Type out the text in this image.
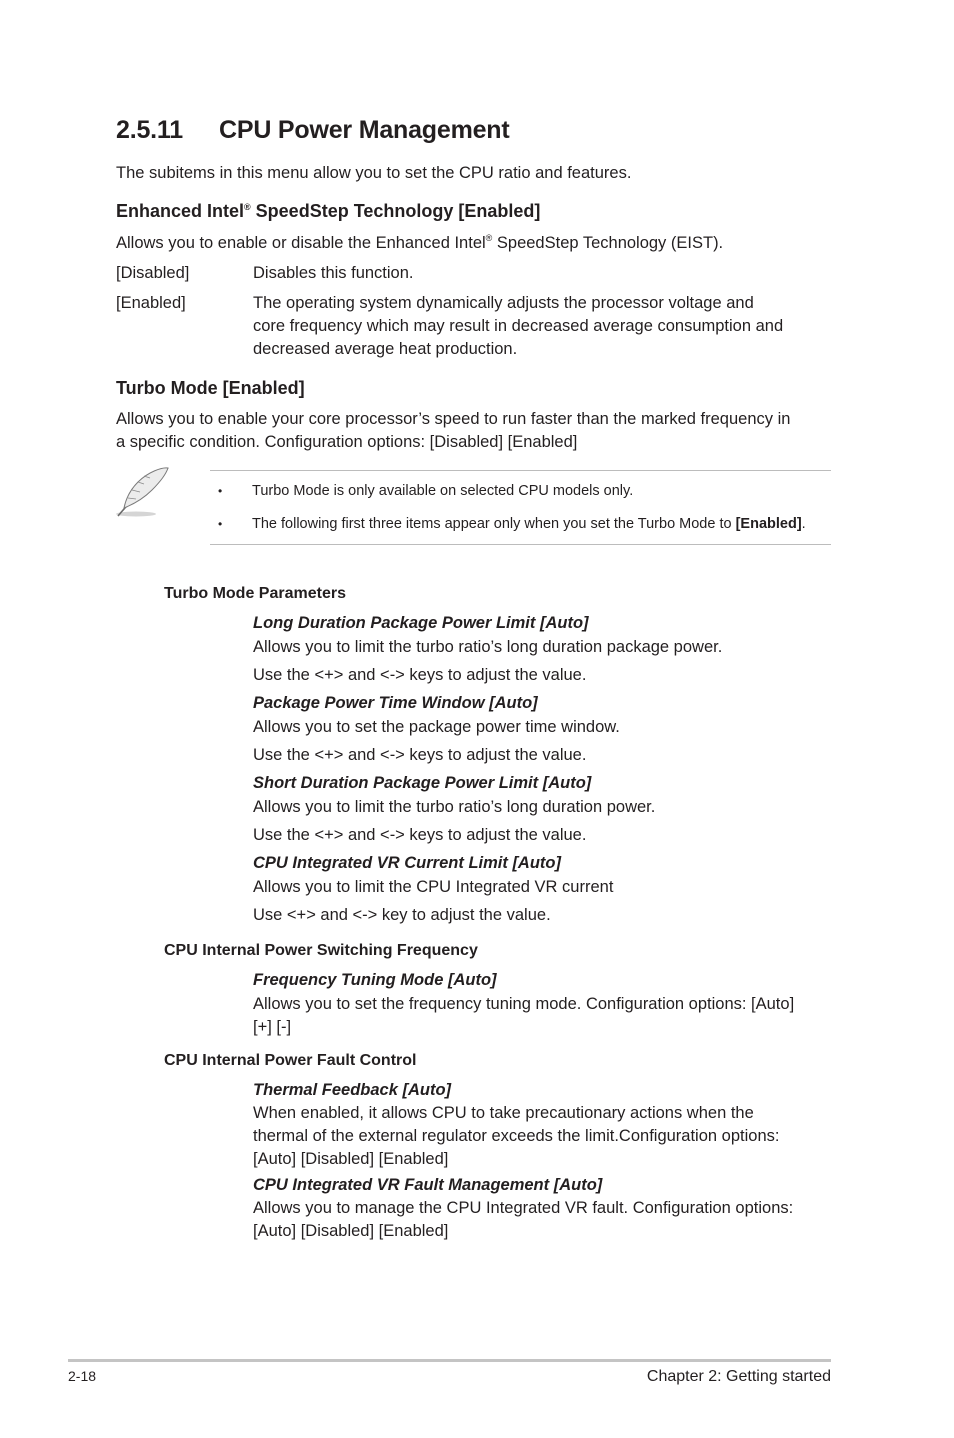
2.5.11 CPU Power Management
The subitems in this menu allow you to set the CPU ratio and features.
Enhanced Intel® SpeedStep Technology [Enabled]
Allows you to enable or disable the Enhanced Intel® SpeedStep Technology (EIST).
[Disabled]	Disables this function.
[Enabled]	The operating system dynamically adjusts the processor voltage and
core frequency which may result in decreased average consumption and
decreased average heat production.
Turbo Mode [Enabled]
Allows you to enable your core processor’s speed to run faster than the marked frequency in
a specific condition. Configuration options: [Disabled] [Enabled]
• Turbo Mode is only available on selected CPU models only.
• The following first three items appear only when you set the Turbo Mode to [Enabled].
Turbo Mode Parameters
Long Duration Package Power Limit [Auto]
Allows you to limit the turbo ratio’s long duration package power.
Use the <+> and <-> keys to adjust the value.
Package Power Time Window [Auto]
Allows you to set the package power time window.
Use the <+> and <-> keys to adjust the value.
Short Duration Package Power Limit [Auto]
Allows you to limit the turbo ratio’s long duration power.
Use the <+> and <-> keys to adjust the value.
CPU Integrated VR Current Limit [Auto]
Allows you to limit the CPU Integrated VR current
Use <+> and <-> key to adjust the value.
CPU Internal Power Switching Frequency
Frequency Tuning Mode [Auto]
Allows you to set the frequency tuning mode. Configuration options: [Auto]
[+] [-]
CPU Internal Power Fault Control
Thermal Feedback [Auto]
When enabled, it allows CPU to take precautionary actions when the
thermal of the external regulator exceeds the limit.Configuration options:
[Auto] [Disabled] [Enabled]
CPU Integrated VR Fault Management [Auto]
Allows you to manage the CPU Integrated VR fault. Configuration options:
[Auto] [Disabled] [Enabled]
2-18	Chapter 2: Getting started
